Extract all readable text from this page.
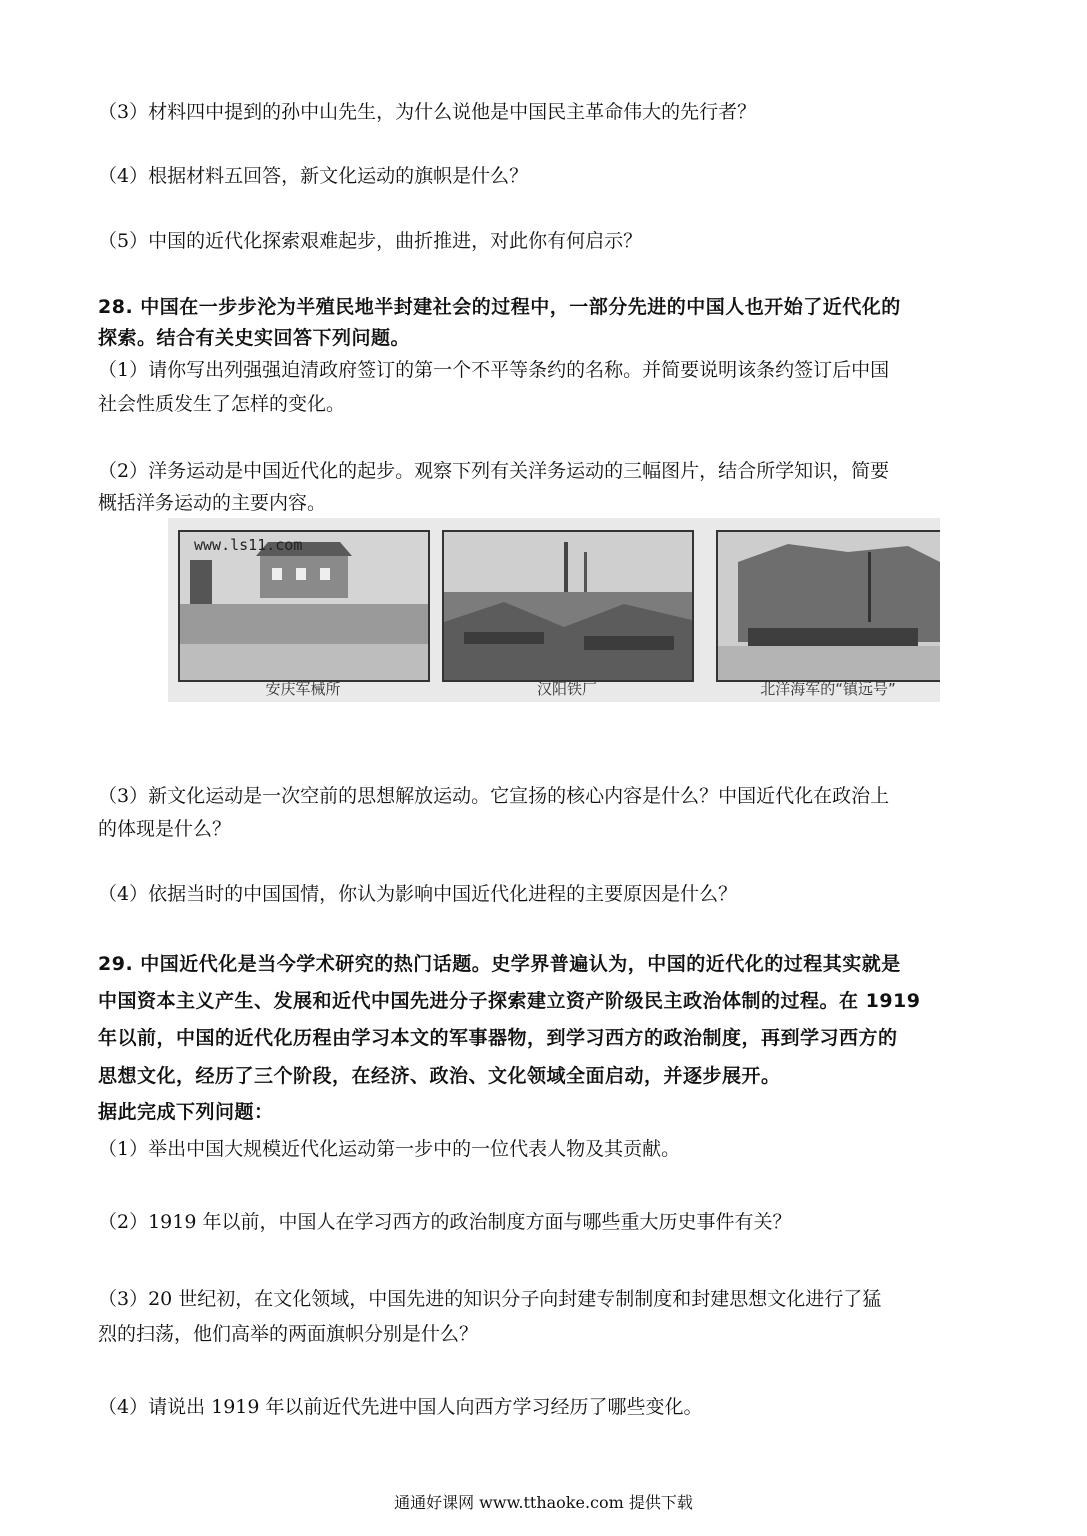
（3）材料四中提到的孙中山先生，为什么说他是中国民主革命伟大的先行者？
（4）根据材料五回答，新文化运动的旗帜是什么？
（5）中国的近代化探索艰难起步，曲折推进，对此你有何启示？
28. 中国在一步步沦为半殖民地半封建社会的过程中，一部分先进的中国人也开始了近代化的
探索。结合有关史实回答下列问题。
（1）请你写出列强强迫清政府签订的第一个不平等条约的名称。并简要说明该条约签订后中国
社会性质发生了怎样的变化。
（2）洋务运动是中国近代化的起步。观察下列有关洋务运动的三幅图片，结合所学知识，简要
概括洋务运动的主要内容。
www.ls11.com
安庆军械所	汉阳铁厂	北洋海军的“镇远号”
（3）新文化运动是一次空前的思想解放运动。它宣扬的核心内容是什么？中国近代化在政治上
的体现是什么？
（4）依据当时的中国国情，你认为影响中国近代化进程的主要原因是什么？
29. 中国近代化是当今学术研究的热门话题。史学界普遍认为，中国的近代化的过程其实就是
中国资本主义产生、发展和近代中国先进分子探索建立资产阶级民主政治体制的过程。在 1919
年以前，中国的近代化历程由学习本文的军事器物，到学习西方的政治制度，再到学习西方的
思想文化，经历了三个阶段，在经济、政治、文化领域全面启动，并逐步展开。
据此完成下列问题：
（1）举出中国大规模近代化运动第一步中的一位代表人物及其贡献。
（2）1919 年以前，中国人在学习西方的政治制度方面与哪些重大历史事件有关？
（3）20 世纪初，在文化领域，中国先进的知识分子向封建专制制度和封建思想文化进行了猛
烈的扫荡，他们高举的两面旗帜分别是什么？
（4）请说出 1919 年以前近代先进中国人向西方学习经历了哪些变化。
通通好课网 www.tthaoke.com 提供下载
